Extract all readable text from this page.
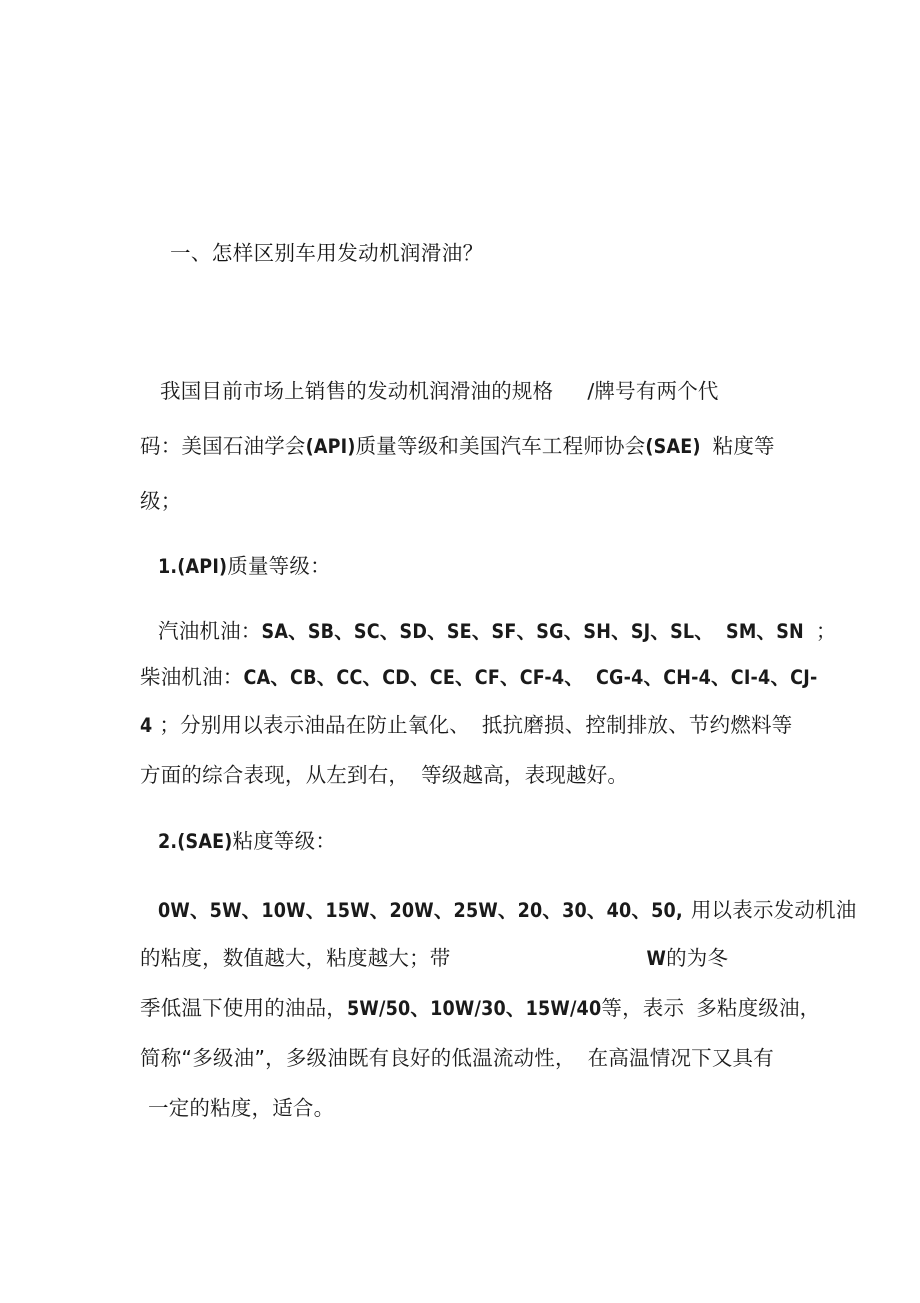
一、怎样区别车用发动机润滑油？
我国目前市场上销售的发动机润滑油的规格 /牌号有两个代
码：美国石油学会(API)质量等级和美国汽车工程师协会(SAE) 粘度等
级；
1.(API)质量等级：
汽油机油：SA、SB、SC、SD、SE、SF、SG、SH、SJ、SL、 SM、SN ；
柴油机油：CA、CB、CC、CD、CE、CF、CF-4、 CG-4、CH-4、CI-4、CJ-
4 ；分别用以表示油品在防止氧化、 抵抗磨损、控制排放、节约燃料等
方面的综合表现，从左到右， 等级越高，表现越好。
2.(SAE)粘度等级：
0W、5W、10W、15W、20W、25W、20、30、40、50, 用以表示发动机油
的粘度，数值越大，粘度越大；带	W的为冬
季低温下使用的油品，5W/50、10W/30、15W/40等，表示 多粘度级油，
简称“多级油”，多级油既有良好的低温流动性， 在高温情况下又具有
一定的粘度，适合。
